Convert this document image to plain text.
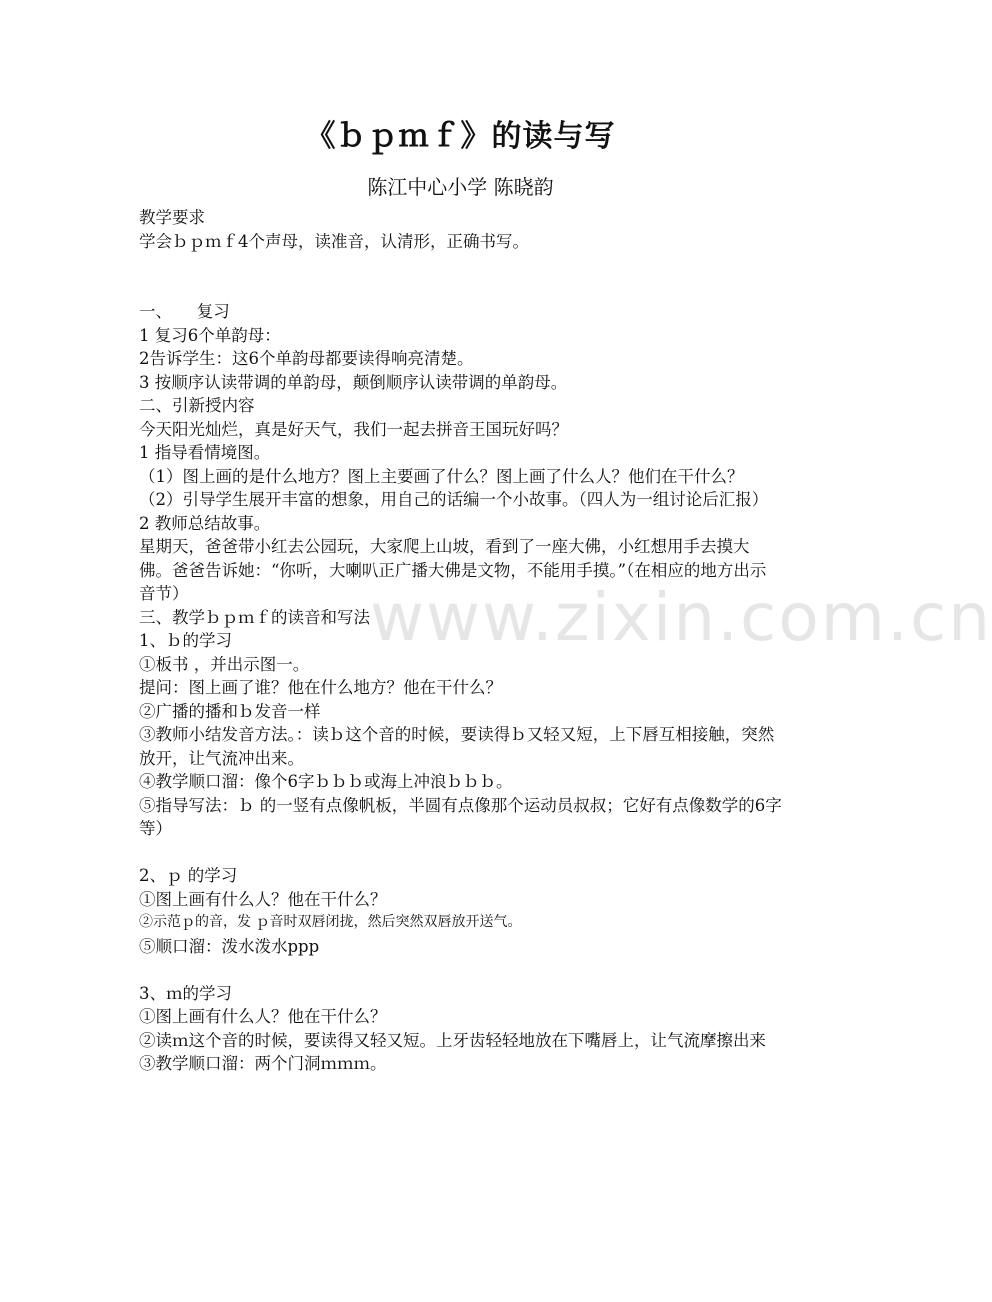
www.zixin.com.cn
《ｂｐｍｆ》的读与写
陈江中心小学 陈晓韵

教学要求

学会ｂｐｍｆ4个声母，读准音，认清形，正确书写。

一、　　复习

1 复习6个单韵母：

2告诉学生：这6个单韵母都要读得响亮清楚。

3 按顺序认读带调的单韵母，颠倒顺序认读带调的单韵母。

二、引新授内容

今天阳光灿烂，真是好天气，我们一起去拼音王国玩好吗？

1 指导看情境图。

（1）图上画的是什么地方？图上主要画了什么？图上画了什么人？他们在干什么？

（2）引导学生展开丰富的想象，用自己的话编一个小故事。（四人为一组讨论后汇报）

2 教师总结故事。

星期天，爸爸带小红去公园玩，大家爬上山坡，看到了一座大佛，小红想用手去摸大佛。爸爸告诉她：“你听，大喇叭正广播大佛是文物，不能用手摸。”（在相应的地方出示音节）

三、教学ｂｐｍｆ的读音和写法

1、ｂ的学习

①板书 ，并出示图一。

提问：图上画了谁？他在什么地方？他在干什么？

②广播的播和ｂ发音一样

③教师小结发音方法。：读ｂ这个音的时候，要读得ｂ又轻又短，上下唇互相接触，突然放开，让气流冲出来。

④教学顺口溜：像个6字ｂｂｂ或海上冲浪ｂｂｂ。

⑤指导写法：ｂ 的一竖有点像帆板，半圆有点像那个运动员叔叔；它好有点像数学的6字等）

2、ｐ 的学习

①图上画有什么人？他在干什么？

②示范ｐ的音，发 ｐ音时双唇闭拢，然后突然双唇放开送气。

⑤顺口溜：泼水泼水ppp

3、ｍ的学习

①图上画有什么人？他在干什么？

②读ｍ这个音的时候，要读得又轻又短。上牙齿轻轻地放在下嘴唇上，让气流摩擦出来

③教学顺口溜：两个门洞ｍｍｍ。
